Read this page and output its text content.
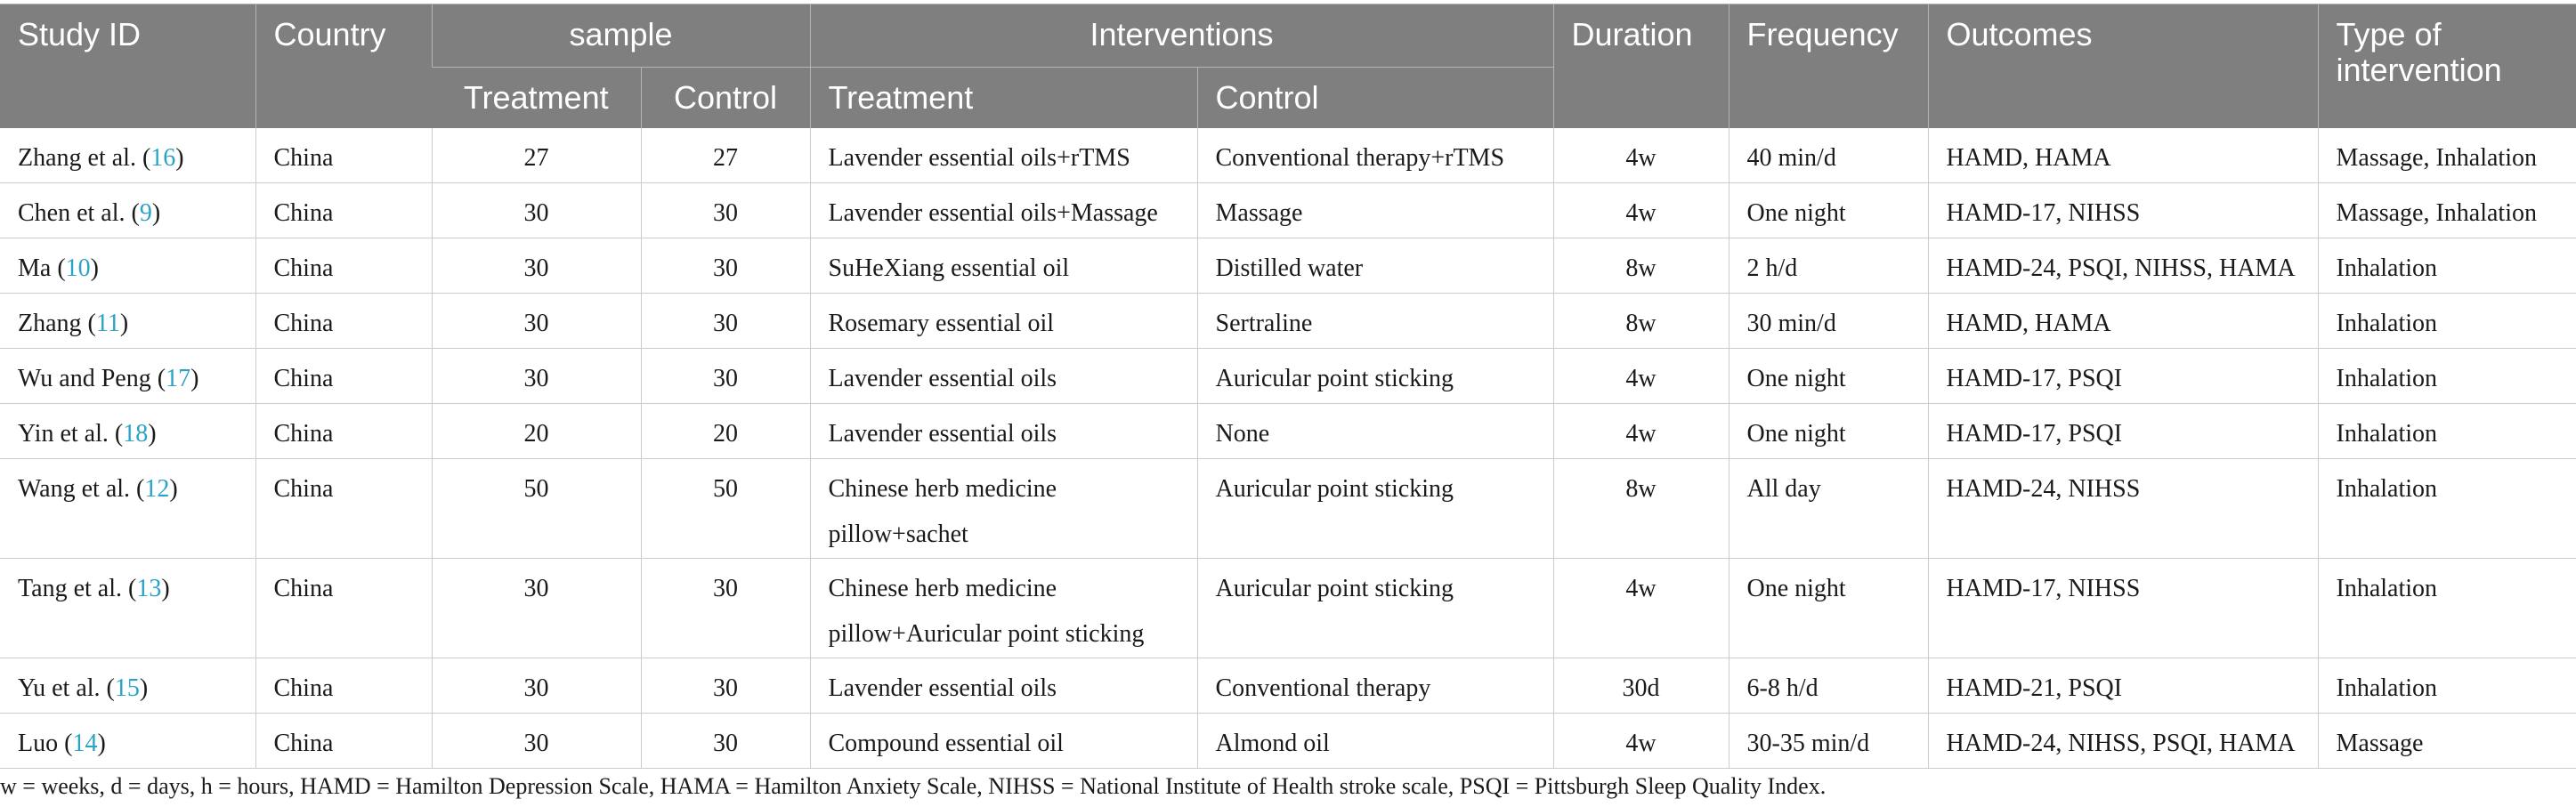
Study ID	Country	sample		Interventions		Duration	Frequency	Outcomes	Type of intervention
		Treatment	Control	Treatment	Control				
Zhang et al. (16)	China	27	27	Lavender essential oils+rTMS	Conventional therapy+rTMS	4w	40 min/d	HAMD, HAMA	Massage, Inhalation
Chen et al. (9)	China	30	30	Lavender essential oils+Massage	Massage	4w	One night	HAMD-17, NIHSS	Massage, Inhalation
Ma (10)	China	30	30	SuHeXiang essential oil	Distilled water	8w	2 h/d	HAMD-24, PSQI, NIHSS, HAMA	Inhalation
Zhang (11)	China	30	30	Rosemary essential oil	Sertraline	8w	30 min/d	HAMD, HAMA	Inhalation
Wu and Peng (17)	China	30	30	Lavender essential oils	Auricular point sticking	4w	One night	HAMD-17, PSQI	Inhalation
Yin et al. (18)	China	20	20	Lavender essential oils	None	4w	One night	HAMD-17, PSQI	Inhalation
Wang et al. (12)	China	50	50	Chinese herb medicine pillow+sachet	Auricular point sticking	8w	All day	HAMD-24, NIHSS	Inhalation
Tang et al. (13)	China	30	30	Chinese herb medicine pillow+Auricular point sticking	Auricular point sticking	4w	One night	HAMD-17, NIHSS	Inhalation
Yu et al. (15)	China	30	30	Lavender essential oils	Conventional therapy	30d	6-8 h/d	HAMD-21, PSQI	Inhalation
Luo (14)	China	30	30	Compound essential oil	Almond oil	4w	30-35 min/d	HAMD-24, NIHSS, PSQI, HAMA	Massage

w = weeks, d = days, h = hours, HAMD = Hamilton Depression Scale, HAMA = Hamilton Anxiety Scale, NIHSS = National Institute of Health stroke scale, PSQI = Pittsburgh Sleep Quality Index.
